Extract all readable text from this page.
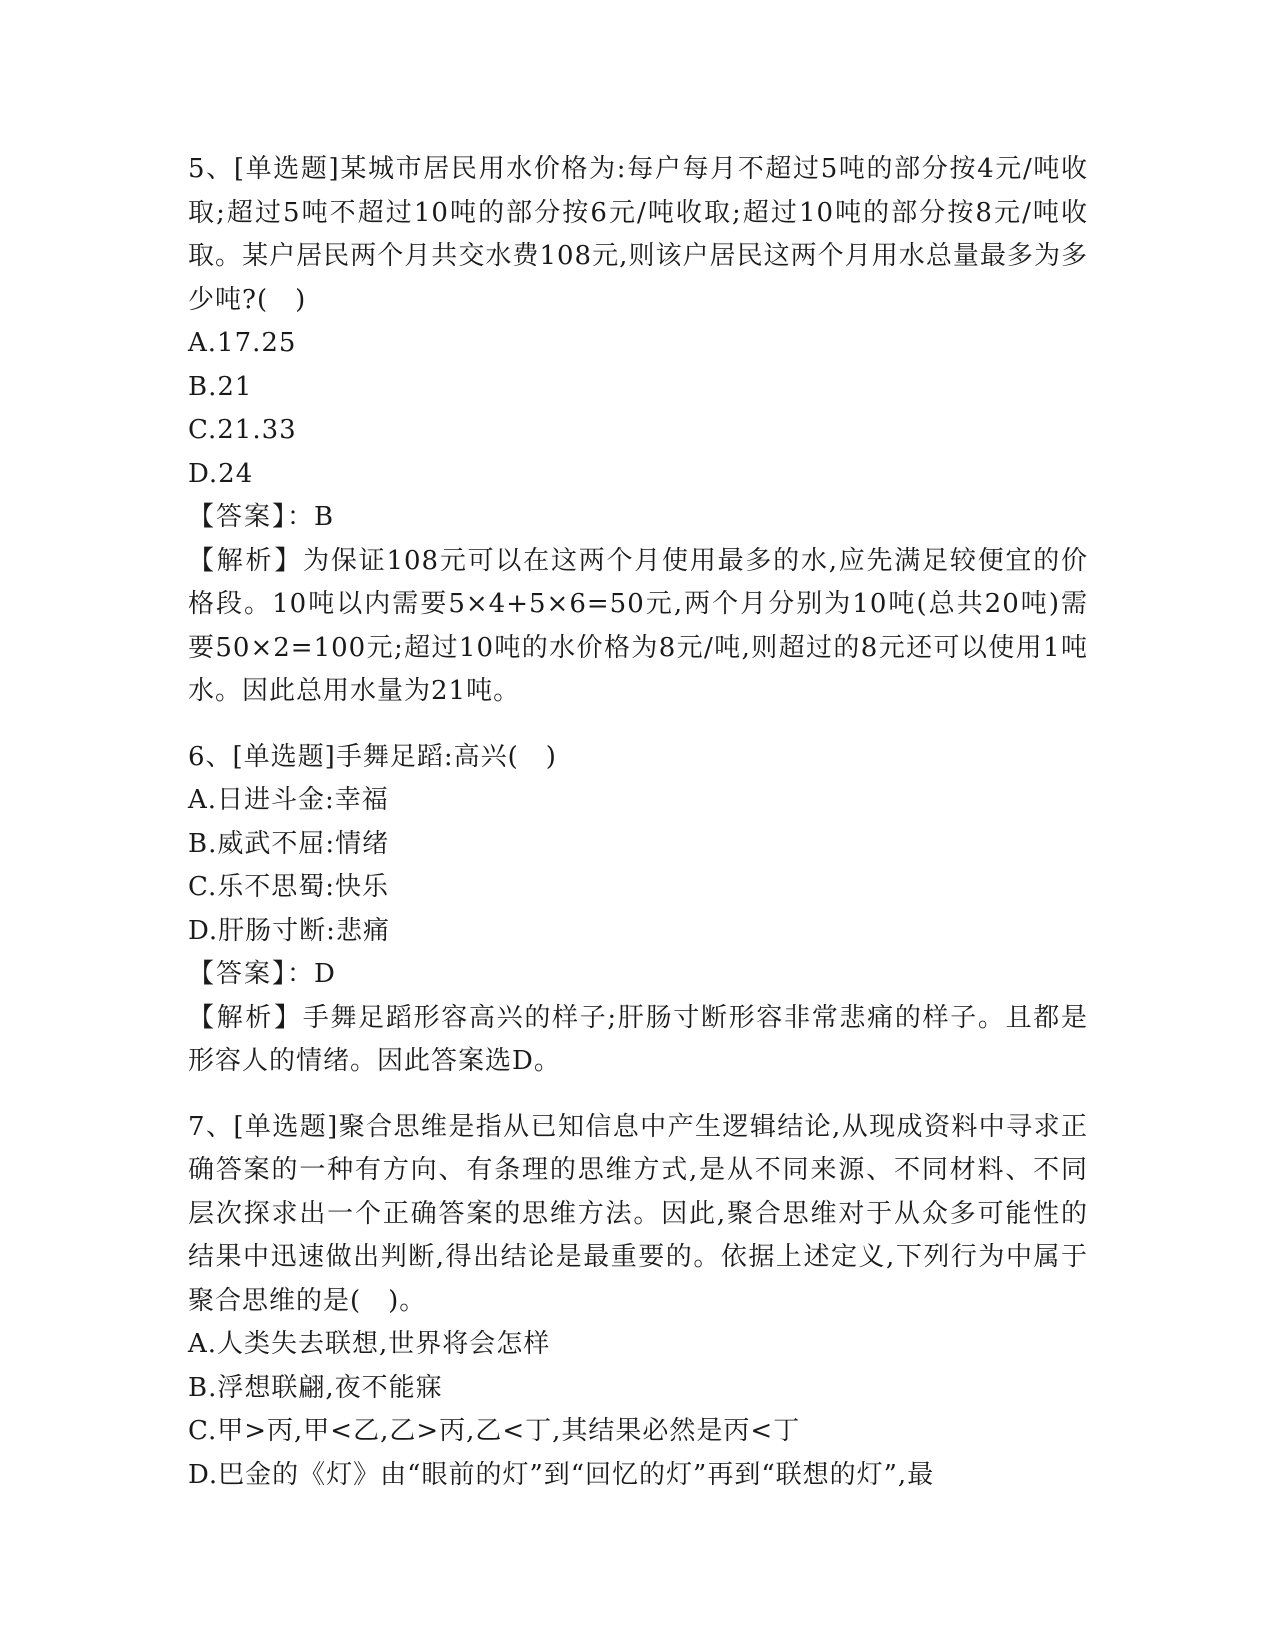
5、[单选题]某城市居民用水价格为:每户每月不超过5吨的部分按4元/吨收取;超过5吨不超过10吨的部分按6元/吨收取;超过10吨的部分按8元/吨收取。某户居民两个月共交水费108元,则该户居民这两个月用水总量最多为多少吨?(　)

A.17.25

B.21

C.21.33

D.24

【答案】：B

【解析】为保证108元可以在这两个月使用最多的水,应先满足较便宜的价格段。10吨以内需要5×4+5×6=50元,两个月分别为10吨(总共20吨)需要50×2=100元;超过10吨的水价格为8元/吨,则超过的8元还可以使用1吨水。因此总用水量为21吨。

6、[单选题]手舞足蹈:高兴(　)

A.日进斗金:幸福

B.威武不屈:情绪

C.乐不思蜀:快乐

D.肝肠寸断:悲痛

【答案】：D

【解析】手舞足蹈形容高兴的样子;肝肠寸断形容非常悲痛的样子。且都是形容人的情绪。因此答案选D。

7、[单选题]聚合思维是指从已知信息中产生逻辑结论,从现成资料中寻求正确答案的一种有方向、有条理的思维方式,是从不同来源、不同材料、不同层次探求出一个正确答案的思维方法。因此,聚合思维对于从众多可能性的结果中迅速做出判断,得出结论是最重要的。依据上述定义,下列行为中属于聚合思维的是(　)。

A.人类失去联想,世界将会怎样

B.浮想联翩,夜不能寐

C.甲>丙,甲<乙,乙>丙,乙<丁,其结果必然是丙<丁

D.巴金的《灯》由“眼前的灯”到“回忆的灯”再到“联想的灯”,最
